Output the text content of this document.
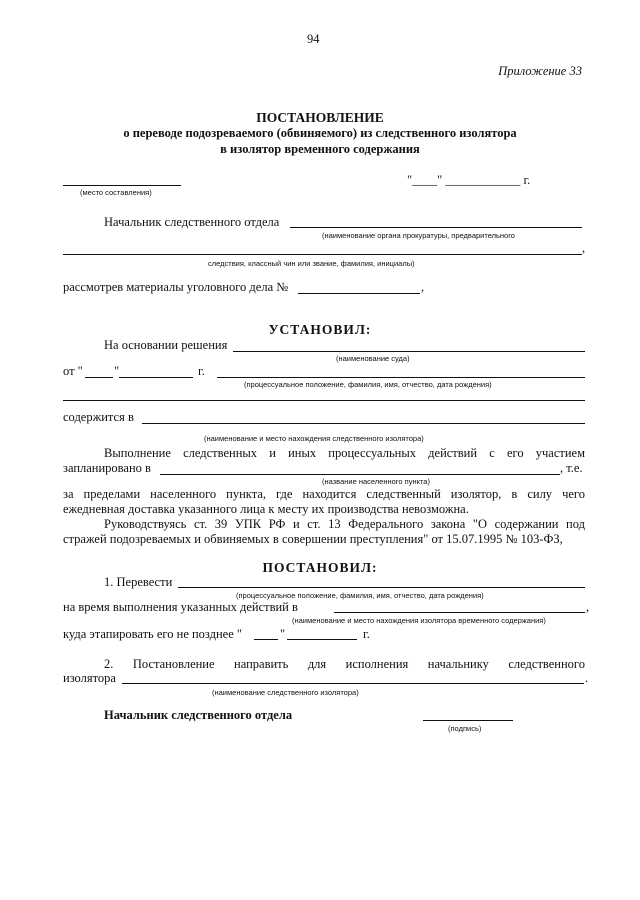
94
Приложение 33
ПОСТАНОВЛЕНИЕ
о переводе подозреваемого (обвиняемого) из следственного изолятора
в изолятор временного содержания
(место составления)
"____" ____________ г.
Начальник следственного отдела
(наименование органа прокуратуры, предварительного
,
следствия, классный чин или звание, фамилия, инициалы)
рассмотрев материалы уголовного дела №	,
УСТАНОВИЛ:
На основании решения
(наименование суда)
от " "	г.
(процессуальное положение, фамилия, имя, отчество, дата рождения)
содержится в
(наименование и место нахождения следственного изолятора)
Выполнение следственных и иных процессуальных действий с его участием
запланировано в	, т.е.
(название населенного пункта)
за пределами населенного пункта, где находится следственный изолятор, в силу чего
ежедневная доставка указанного лица к месту их производства невозможна.
Руководствуясь ст. 39 УПК РФ и ст. 13 Федерального закона "О содержании под
стражей подозреваемых и обвиняемых в совершении преступления" от 15.07.1995 № 103-ФЗ,
ПОСТАНОВИЛ:
1. Перевести
(процессуальное положение, фамилия, имя, отчество, дата рождения)
на время выполнения указанных действий в	,
(наименование и место нахождения изолятора временного содержания)
куда этапировать его не позднее "	"	г.
2. Постановление направить для исполнения начальнику следственного
изолятора	.
(наименование следственного изолятора)
Начальник следственного отдела
(подпись)
